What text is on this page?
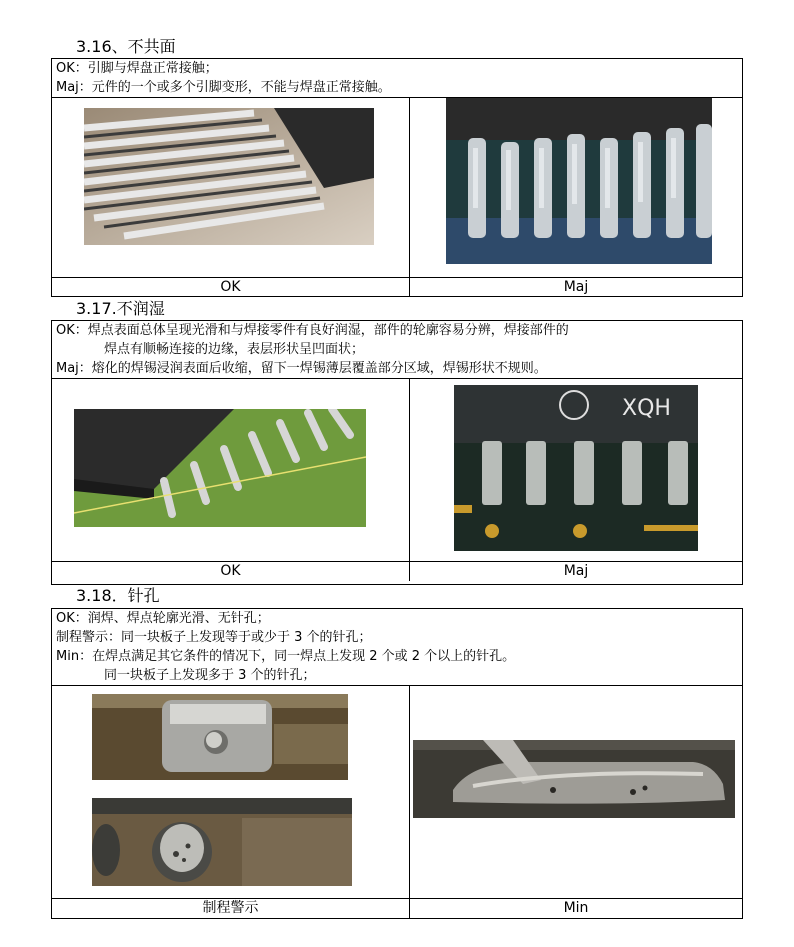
3.16、不共面
OK：引脚与焊盘正常接触；
Maj：元件的一个或多个引脚变形，不能与焊盘正常接触。
OK	Maj
3.17.不润湿
OK：焊点表面总体呈现光滑和与焊接零件有良好润湿，部件的轮廓容易分辨，焊接部件的
焊点有顺畅连接的边缘，表层形状呈凹面状；
Maj：熔化的焊锡浸润表面后收缩，留下一焊锡薄层覆盖部分区域，焊锡形状不规则。
XQH
OK	Maj
3.18．针孔
OK：润焊、焊点轮廓光滑、无针孔；
制程警示：同一块板子上发现等于或少于 3 个的针孔；
Min：在焊点满足其它条件的情况下，同一焊点上发现 2 个或 2 个以上的针孔。
同一块板子上发现多于 3 个的针孔；
制程警示	Min
